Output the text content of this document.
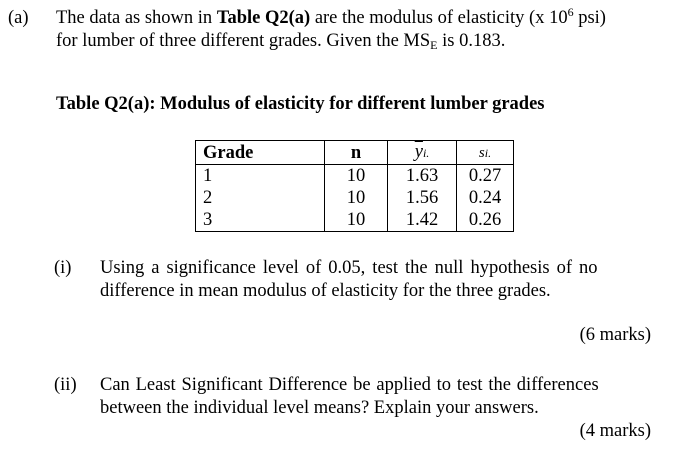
(a) The data as shown in Table Q2(a) are the modulus of elasticity (x $10^6$ psi)
for lumber of three different grades. Given the MSE is 0.183.
Table Q2(a): Modulus of elasticity for different lumber grades
Grade	n	$\overline{y}i$.	si.
1	10	1.63	0.27
2	10	1.56	0.24
3	10	1.42	0.26
(i) Using a significance level of 0.05, test the null hypothesis of no
difference in mean modulus of elasticity for the three grades.
(6 marks)
(ii) Can Least Significant Difference be applied to test the differences
between the individual level means? Explain your answers.
(4 marks)
